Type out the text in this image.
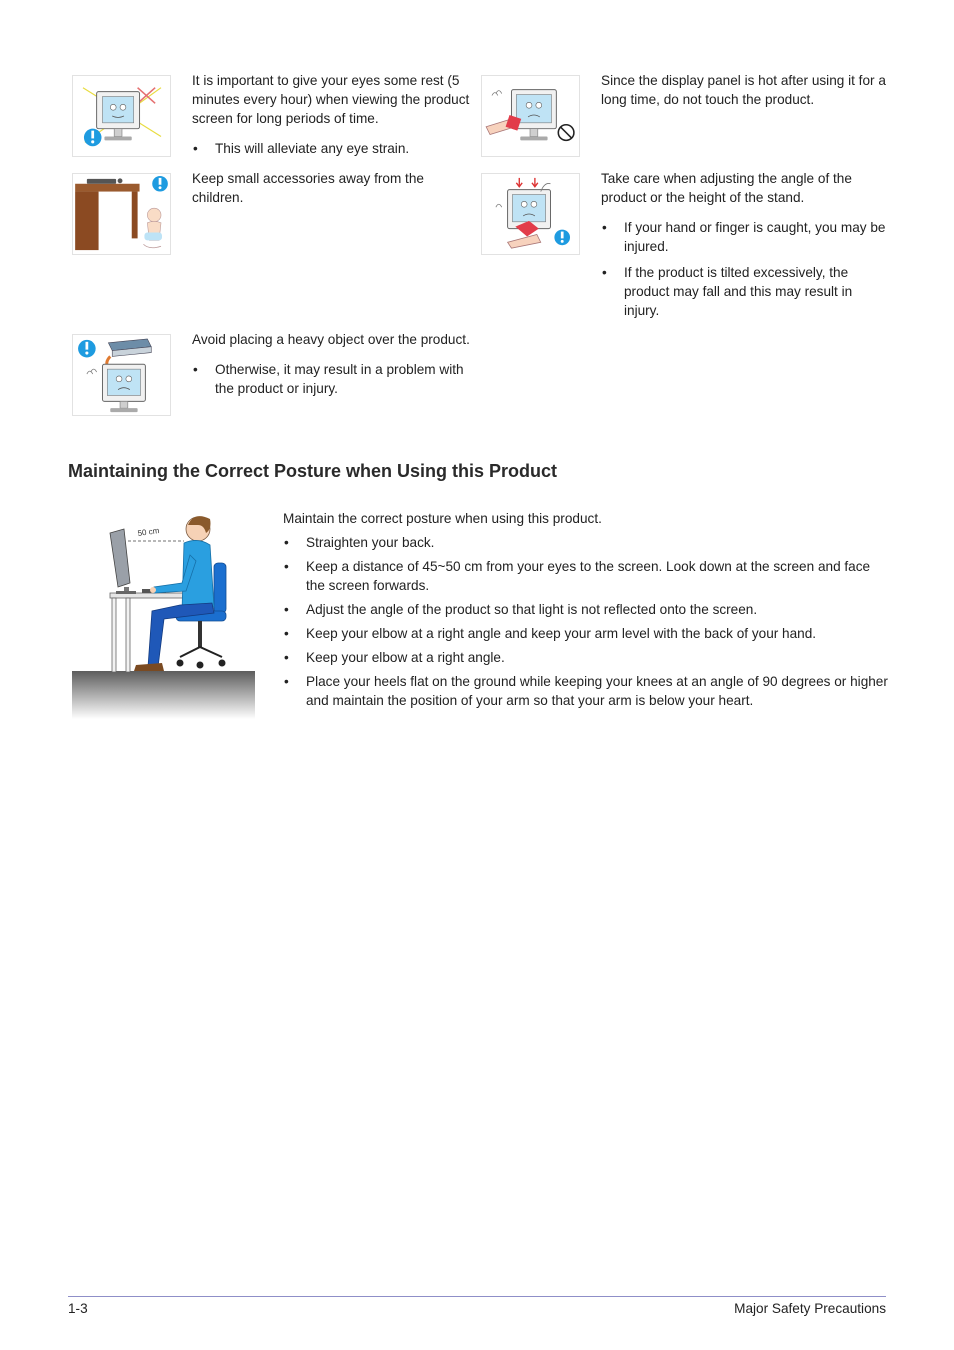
It is important to give your eyes some rest (5 minutes every hour) when viewing the product screen for long periods of time.

• This will alleviate any eye strain.

Since the display panel is hot after using it for a long time, do not touch the product.

Keep small accessories away from the children.

Take care when adjusting the angle of the product or the height of the stand.

• If your hand or finger is caught, you may be injured.
• If the product is tilted excessively, the product may fall and this may result in injury.

Avoid placing a heavy object over the product.

• Otherwise, it may result in a problem with the product or injury.
Maintaining the Correct Posture when Using this Product
50 cm

Maintain the correct posture when using this product.

• Straighten your back.
• Keep a distance of 45~50 cm from your eyes to the screen. Look down at the screen and face the screen forwards.
• Adjust the angle of the product so that light is not reflected onto the screen.
• Keep your elbow at a right angle and keep your arm level with the back of your hand.
• Keep your elbow at a right angle.
• Place your heels flat on the ground while keeping your knees at an angle of 90 degrees or higher and maintain the position of your arm so that your arm is below your heart.
1-3	Major Safety Precautions
